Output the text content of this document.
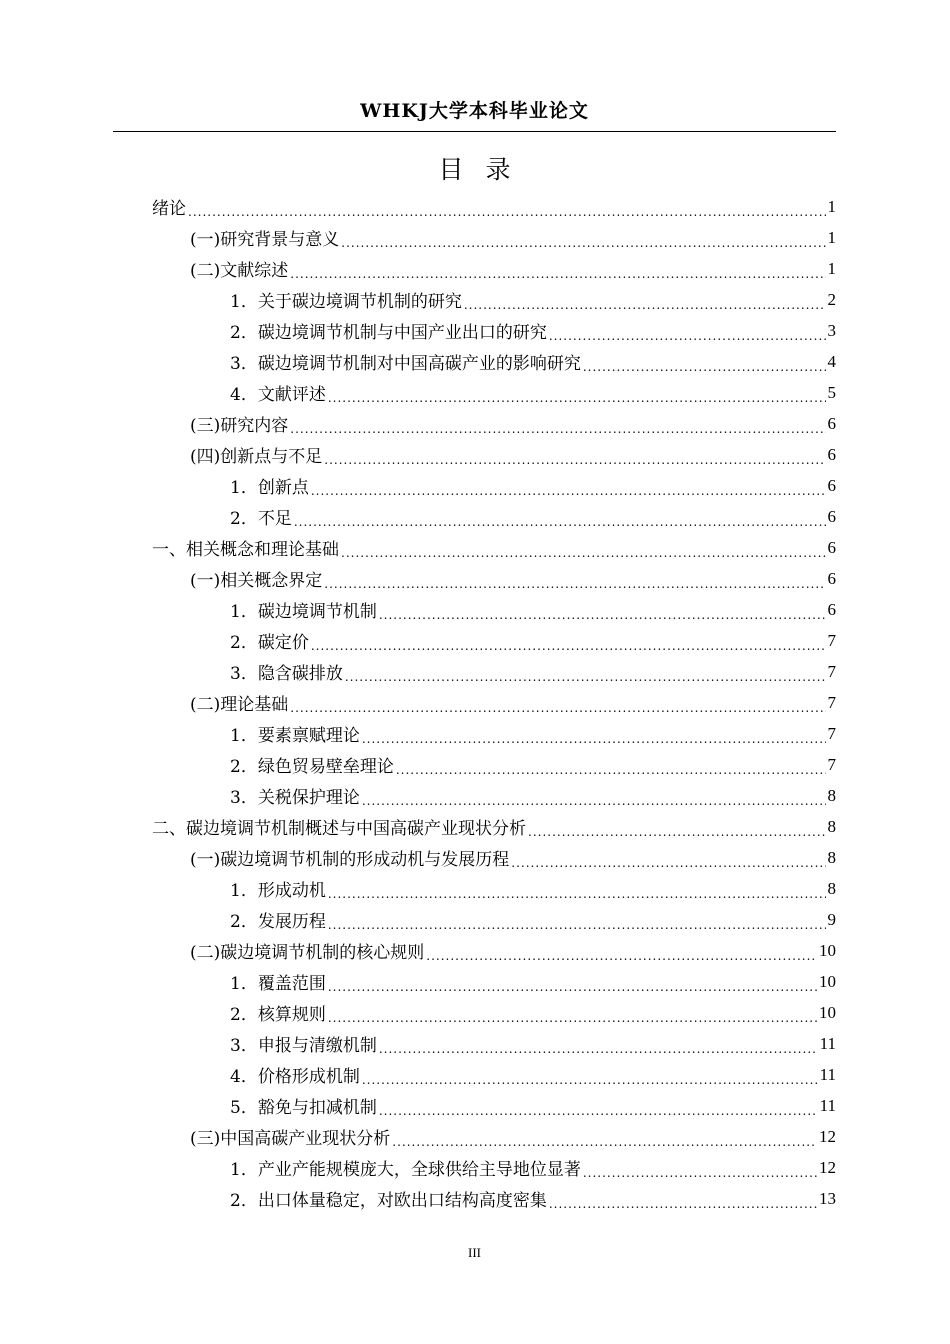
WHKJ大学本科毕业论文
目录
绪论 .....	1
(一)研究背景与意义 .....	1
(二)文献综述 .....	1
1．关于碳边境调节机制的研究 .....	2
2．碳边境调节机制与中国产业出口的研究 .....	3
3．碳边境调节机制对中国高碳产业的影响研究 .....	4
4．文献评述 .....	5
(三)研究内容 .....	6
(四)创新点与不足 .....	6
1．创新点 .....	6
2．不足 .....	6
一、相关概念和理论基础 .....	6
(一)相关概念界定 .....	6
1．碳边境调节机制 .....	6
2．碳定价 .....	7
3．隐含碳排放 .....	7
(二)理论基础 .....	7
1．要素禀赋理论 .....	7
2．绿色贸易壁垒理论 .....	7
3．关税保护理论 .....	8
二、碳边境调节机制概述与中国高碳产业现状分析 .....	8
(一)碳边境调节机制的形成动机与发展历程 .....	8
1．形成动机 .....	8
2．发展历程 .....	9
(二)碳边境调节机制的核心规则 .....	10
1．覆盖范围 .....	10
2．核算规则 .....	10
3．申报与清缴机制 .....	11
4．价格形成机制 .....	11
5．豁免与扣减机制 .....	11
(三)中国高碳产业现状分析 .....	12
1．产业产能规模庞大，全球供给主导地位显著 .....	12
2．出口体量稳定，对欧出口结构高度密集 .....	13
III
